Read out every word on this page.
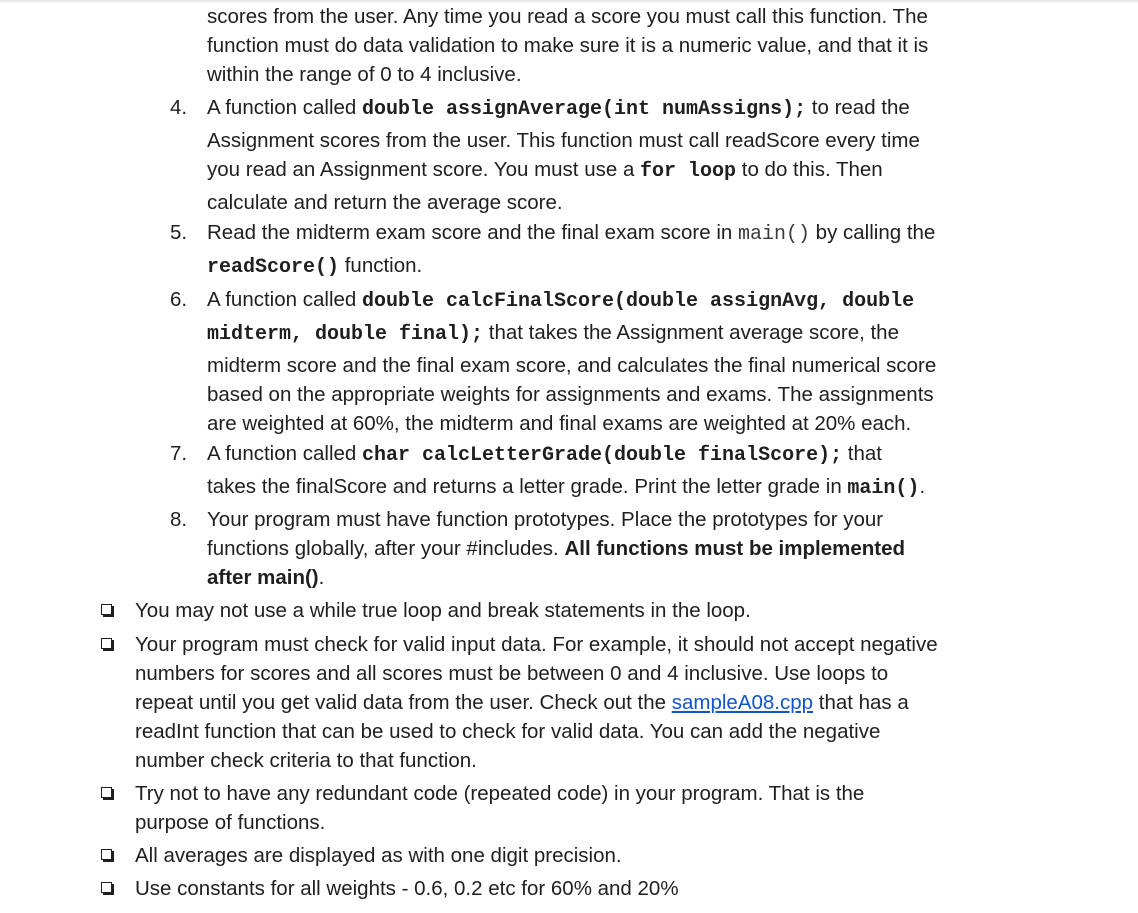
scores from the user. Any time you read a score you must call this function. The
function must do data validation to make sure it is a numeric value, and that it is
within the range of 0 to 4 inclusive.
4. A function called double assignAverage(int numAssigns); to read the
Assignment scores from the user. This function must call readScore every time
you read an Assignment score. You must use a for loop to do this. Then
calculate and return the average score.
5. Read the midterm exam score and the final exam score in main() by calling the
readScore() function.
6. A function called double calcFinalScore(double assignAvg, double
midterm, double final); that takes the Assignment average score, the
midterm score and the final exam score, and calculates the final numerical score
based on the appropriate weights for assignments and exams. The assignments
are weighted at 60%, the midterm and final exams are weighted at 20% each.
7. A function called char calcLetterGrade(double finalScore); that
takes the finalScore and returns a letter grade. Print the letter grade in main().
8. Your program must have function prototypes. Place the prototypes for your
functions globally, after your #includes. All functions must be implemented
after main().
You may not use a while true loop and break statements in the loop.
Your program must check for valid input data. For example, it should not accept negative
numbers for scores and all scores must be between 0 and 4 inclusive. Use loops to
repeat until you get valid data from the user. Check out the sampleA08.cpp that has a
readInt function that can be used to check for valid data. You can add the negative
number check criteria to that function.
Try not to have any redundant code (repeated code) in your program. That is the
purpose of functions.
All averages are displayed as with one digit precision.
Use constants for all weights - 0.6, 0.2 etc for 60% and 20%
